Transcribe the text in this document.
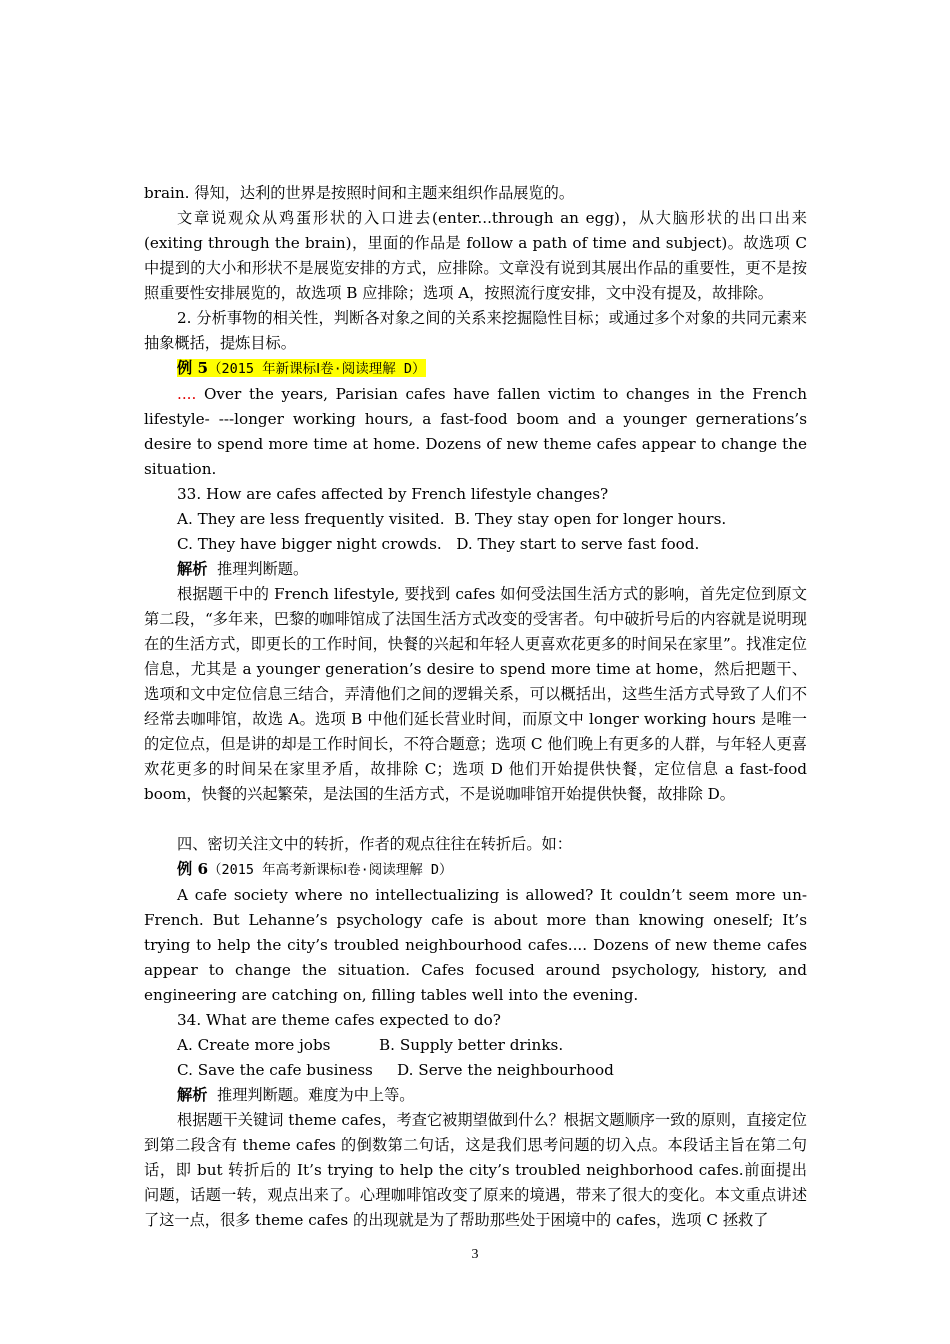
brain. 得知，达利的世界是按照时间和主题来组织作品展览的。

文章说观众从鸡蛋形状的入口进去(enter...through an egg)，从大脑形状的出口出来(exiting through the brain)，里面的作品是 follow a path of time and subject)。故选项 C 中提到的大小和形状不是展览安排的方式，应排除。文章没有说到其展出作品的重要性，更不是按照重要性安排展览的，故选项 B 应排除；选项 A，按照流行度安排，文中没有提及，故排除。

2. 分析事物的相关性，判断各对象之间的关系来挖掘隐性目标；或通过多个对象的共同元素来抽象概括，提炼目标。

例 5（2015 年新课标Ⅰ卷·阅读理解 D）

.... Over the years, Parisian cafes have fallen victim to changes in the French lifestyle- ---longer working hours, a fast-food boom and a younger gernerations’s desire to spend more time at home. Dozens of new theme cafes appear to change the situation.

33. How are cafes affected by French lifestyle changes?

A. They are less frequently visited. B. They stay open for longer hours.

C. They have bigger night crowds. D. They start to serve fast food.

解析 推理判断题。

根据题干中的 French lifestyle, 要找到 cafes 如何受法国生活方式的影响，首先定位到原文第二段，“多年来，巴黎的咖啡馆成了法国生活方式改变的受害者。句中破折号后的内容就是说明现在的生活方式，即更长的工作时间，快餐的兴起和年轻人更喜欢花更多的时间呆在家里”。找准定位信息，尤其是 a younger generation’s desire to spend more time at home，然后把题干、选项和文中定位信息三结合，弄清他们之间的逻辑关系，可以概括出，这些生活方式导致了人们不经常去咖啡馆，故选 A。选项 B 中他们延长营业时间，而原文中 longer working hours 是唯一的定位点，但是讲的却是工作时间长，不符合题意；选项 C 他们晚上有更多的人群，与年轻人更喜欢花更多的时间呆在家里矛盾，故排除 C；选项 D 他们开始提供快餐，定位信息 a fast-food boom，快餐的兴起繁荣，是法国的生活方式，不是说咖啡馆开始提供快餐，故排除 D。

四、密切关注文中的转折，作者的观点往往在转折后。如：

例 6（2015 年高考新课标Ⅰ卷·阅读理解 D）

A cafe society where no intellectualizing is allowed? It couldn’t seem more un-French. But Lehanne’s psychology cafe is about more than knowing oneself; It’s trying to help the city’s troubled neighbourhood cafes.... Dozens of new theme cafes appear to change the situation. Cafes focused around psychology, history, and engineering are catching on, filling tables well into the evening.

34. What are theme cafes expected to do?

A. Create more jobs	B. Supply better drinks.

C. Save the cafe business D. Serve the neighbourhood

解析 推理判断题。难度为中上等。

根据题干关键词 theme cafes，考查它被期望做到什么？根据文题顺序一致的原则，直接定位到第二段含有 theme cafes 的倒数第二句话，这是我们思考问题的切入点。本段话主旨在第二句话，即 but 转折后的 It’s trying to help the city’s troubled neighborhood cafes.前面提出问题，话题一转，观点出来了。心理咖啡馆改变了原来的境遇，带来了很大的变化。本文重点讲述了这一点，很多 theme cafes 的出现就是为了帮助那些处于困境中的 cafes，选项 C 拯救了

3
